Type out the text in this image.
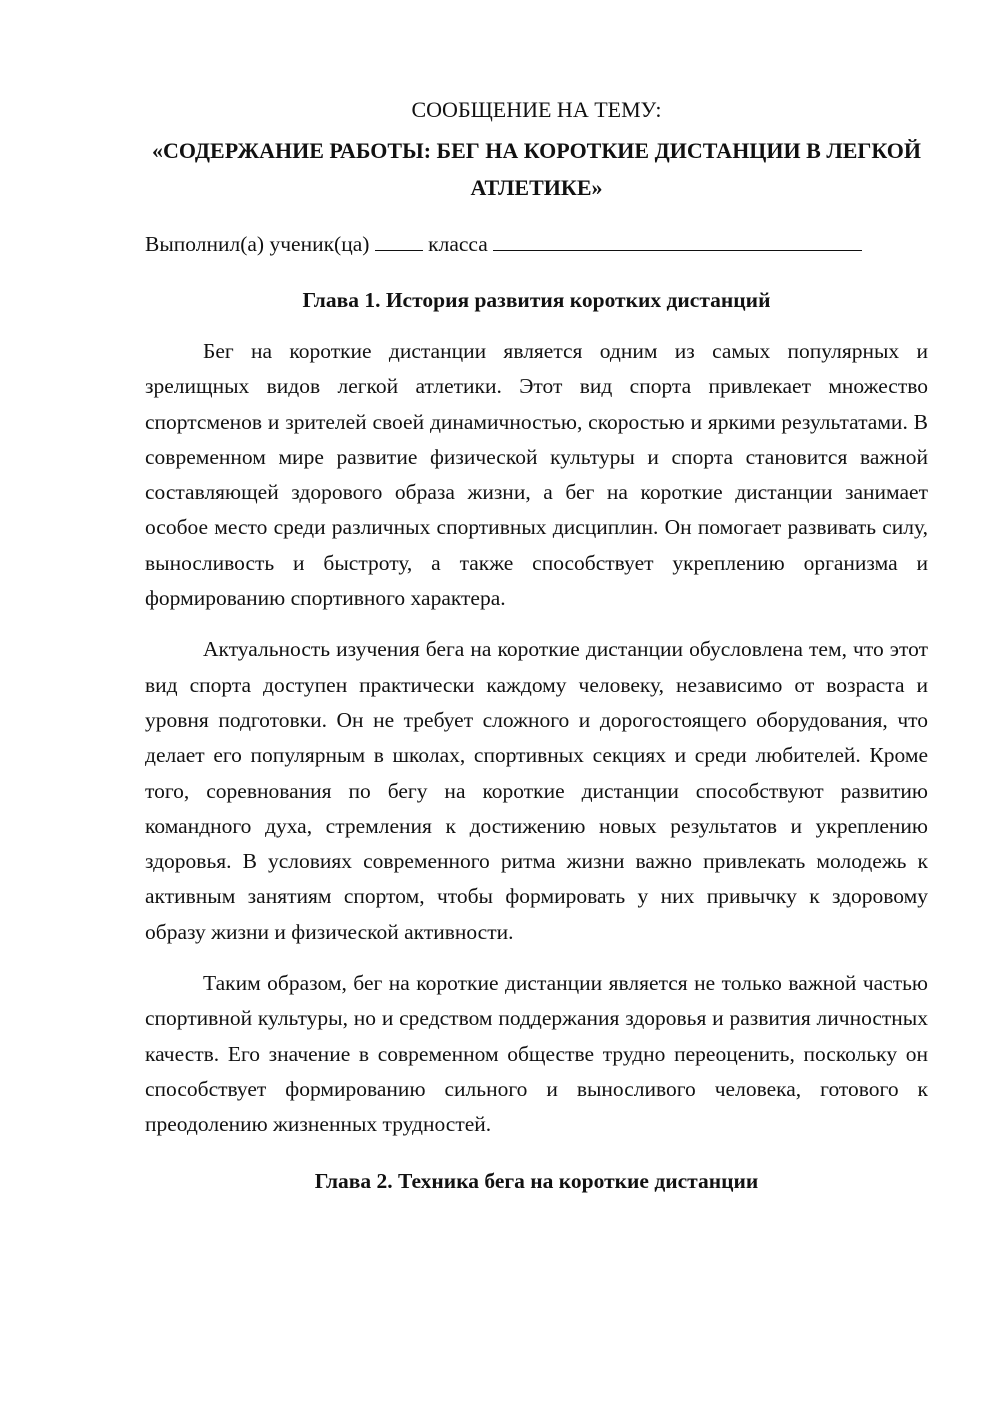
СООБЩЕНИЕ НА ТЕМУ:

«СОДЕРЖАНИЕ РАБОТЫ: БЕГ НА КОРОТКИЕ ДИСТАНЦИИ В ЛЕГКОЙ АТЛЕТИКЕ»

Выполнил(а) ученик(ца)	класса

Глава 1. История развития коротких дистанций

Бег на короткие дистанции является одним из самых популярных и зрелищных видов легкой атлетики. Этот вид спорта привлекает множество спортсменов и зрителей своей динамичностью, скоростью и яркими результатами. В современном мире развитие физической культуры и спорта становится важной составляющей здорового образа жизни, а бег на короткие дистанции занимает особое место среди различных спортивных дисциплин. Он помогает развивать силу, выносливость и быстроту, а также способствует укреплению организма и формированию спортивного характера.

Актуальность изучения бега на короткие дистанции обусловлена тем, что этот вид спорта доступен практически каждому человеку, независимо от возраста и уровня подготовки. Он не требует сложного и дорогостоящего оборудования, что делает его популярным в школах, спортивных секциях и среди любителей. Кроме того, соревнования по бегу на короткие дистанции способствуют развитию командного духа, стремления к достижению новых результатов и укреплению здоровья. В условиях современного ритма жизни важно привлекать молодежь к активным занятиям спортом, чтобы формировать у них привычку к здоровому образу жизни и физической активности.

Таким образом, бег на короткие дистанции является не только важной частью спортивной культуры, но и средством поддержания здоровья и развития личностных качеств. Его значение в современном обществе трудно переоценить, поскольку он способствует формированию сильного и выносливого человека, готового к преодолению жизненных трудностей.

Глава 2. Техника бега на короткие дистанции
